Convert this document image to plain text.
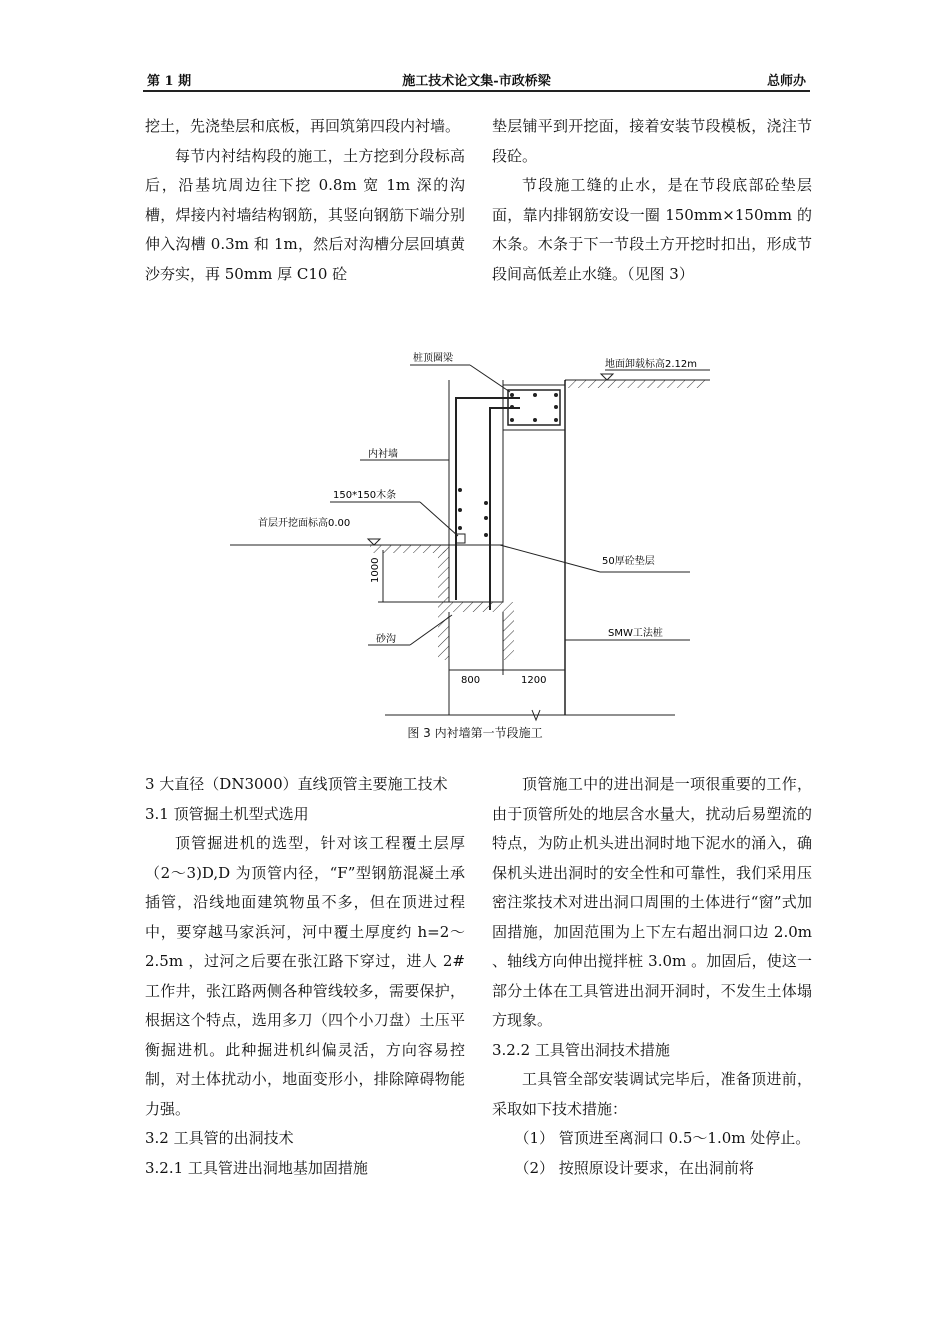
第 1 期	施工技术论文集-市政桥梁	总师办

挖土，先浇垫层和底板，再回筑第四段内衬墙。

每节内衬结构段的施工，土方挖到分段标高后，沿基坑周边往下挖 0.8m 宽 1m 深的沟槽，焊接内衬墙结构钢筋，其竖向钢筋下端分别伸入沟槽 0.3m 和 1m，然后对沟槽分层回填黄沙夯实，再 50mm 厚 C10 砼

垫层铺平到开挖面，接着安装节段模板，浇注节段砼。

节段施工缝的止水，是在节段底部砼垫层面，靠内排钢筋安设一圈 150mm×150mm 的木条。木条于下一节段土方开挖时扣出，形成节段间高低差止水缝。（见图 3）

1000
800	1200
桩顶圈梁
地面卸载标高2.12m
内衬墙
150*150木条
首层开挖面标高0.00
50厚砼垫层
砂沟
SMW工法桩
图 3 内衬墙第一节段施工

3 大直径（DN3000）直线顶管主要施工技术

3.1 顶管掘土机型式选用

顶管掘进机的选型，针对该工程覆土层厚（2～3)D,D 为顶管内径，“F”型钢筋混凝土承插管，沿线地面建筑物虽不多，但在顶进过程中，要穿越马家浜河，河中覆土厚度约 h=2～2.5m ，过河之后要在张江路下穿过，进人 2#工作井，张江路两侧各种管线较多，需要保护，根据这个特点，选用多刀（四个小刀盘）土压平衡掘进机。此种掘进机纠偏灵活，方向容易控制，对土体扰动小，地面变形小，排除障碍物能力强。

3.2 工具管的出洞技术

3.2.1 工具管进出洞地基加固措施

顶管施工中的进出洞是一项很重要的工作，由于顶管所处的地层含水量大，扰动后易塑流的特点，为防止机头进出洞时地下泥水的涌入，确保机头进出洞时的安全性和可靠性，我们采用压密注浆技术对进出洞口周围的土体进行“窗”式加固措施，加固范围为上下左右超出洞口边 2.0m 、轴线方向伸出搅拌桩 3.0m 。加固后，使这一部分土体在工具管进出洞开洞时，不发生土体塌方现象。

3.2.2 工具管出洞技术措施

工具管全部安装调试完毕后，准备顶进前，采取如下技术措施：

（1） 管顶进至离洞口 0.5～1.0m 处停止。

（2） 按照原设计要求，在出洞前将
